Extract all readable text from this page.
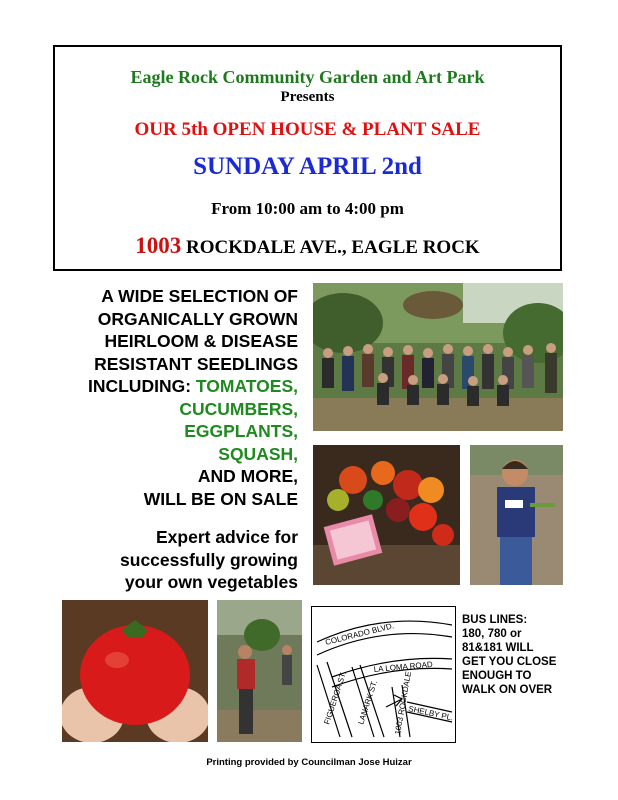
Eagle Rock Community Garden and Art Park
Presents
OUR 5th OPEN HOUSE & PLANT SALE
SUNDAY APRIL 2nd
From 10:00 am to 4:00 pm
1003 ROCKDALE AVE., EAGLE ROCK
A WIDE SELECTION OF
ORGANICALLY GROWN
HEIRLOOM & DISEASE
RESISTANT SEEDLINGS
INCLUDING: TOMATOES,
CUCUMBERS,
EGGPLANTS,
SQUASH,
AND MORE,
WILL BE ON SALE
Expert advice for
successfully growing
your own vegetables
COLORADO BLVD.
LA LOMA ROAD
SHELBY PL.
FIGUEROA ST. LANARK ST. 1003 ROCKDALE
BUS LINES:
180, 780 or
81&181 WILL
GET YOU CLOSE
ENOUGH TO
WALK ON OVER
Printing provided by Councilman Jose Huizar
